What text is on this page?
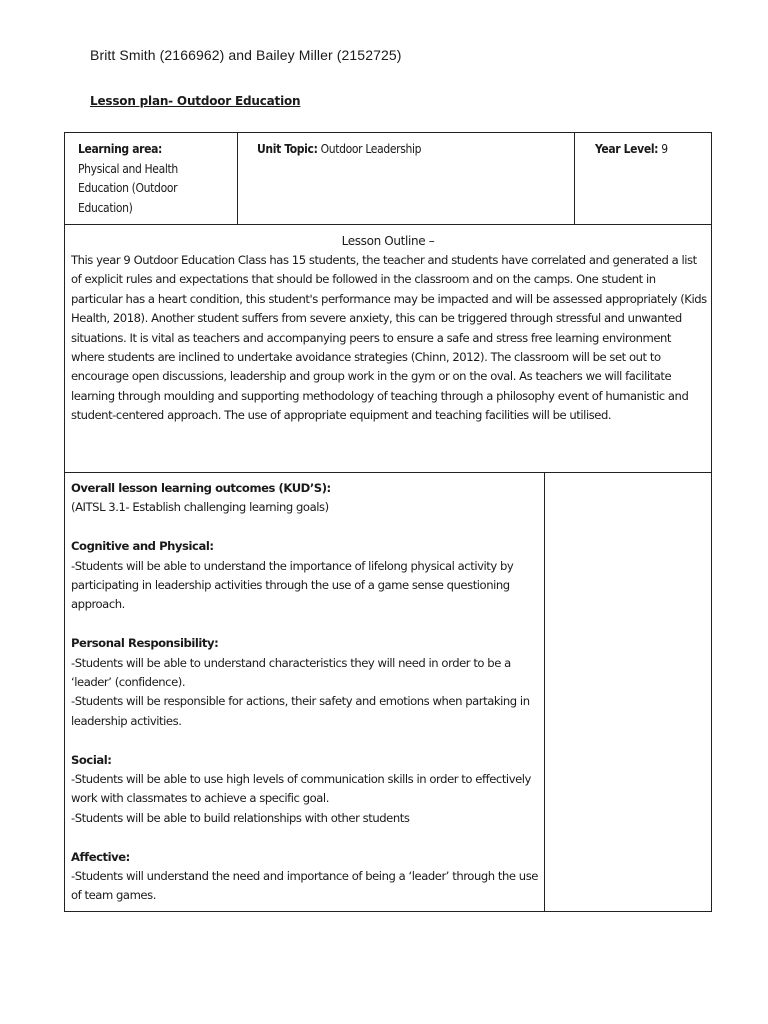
Britt Smith (2166962) and Bailey Miller (2152725)
Lesson plan- Outdoor Education
Learning area:
Physical and Health
Education (Outdoor
Education)
Unit Topic: Outdoor Leadership	Year Level: 9
Lesson Outline –
This year 9 Outdoor Education Class has 15 students, the teacher and students have correlated and generated a list of explicit rules and expectations that should be followed in the classroom and on the camps. One student in particular has a heart condition, this student's performance may be impacted and will be assessed appropriately (Kids Health, 2018). Another student suffers from severe anxiety, this can be triggered through stressful and unwanted situations. It is vital as teachers and accompanying peers to ensure a safe and stress free learning environment where students are inclined to undertake avoidance strategies (Chinn, 2012). The classroom will be set out to encourage open discussions, leadership and group work in the gym or on the oval. As teachers we will facilitate learning through moulding and supporting methodology of teaching through a philosophy event of humanistic and student-centered approach. The use of appropriate equipment and teaching facilities will be utilised.
Overall lesson learning outcomes (KUD’S):
(AITSL 3.1- Establish challenging learning goals)
Cognitive and Physical:
-Students will be able to understand the importance of lifelong physical activity by participating in leadership activities through the use of a game sense questioning approach.
Personal Responsibility:
-Students will be able to understand characteristics they will need in order to be a ‘leader’ (confidence).
-Students will be responsible for actions, their safety and emotions when partaking in leadership activities.
Social:
-Students will be able to use high levels of communication skills in order to effectively work with classmates to achieve a specific goal.
-Students will be able to build relationships with other students
Affective:
-Students will understand the need and importance of being a ‘leader’ through the use of team games.
